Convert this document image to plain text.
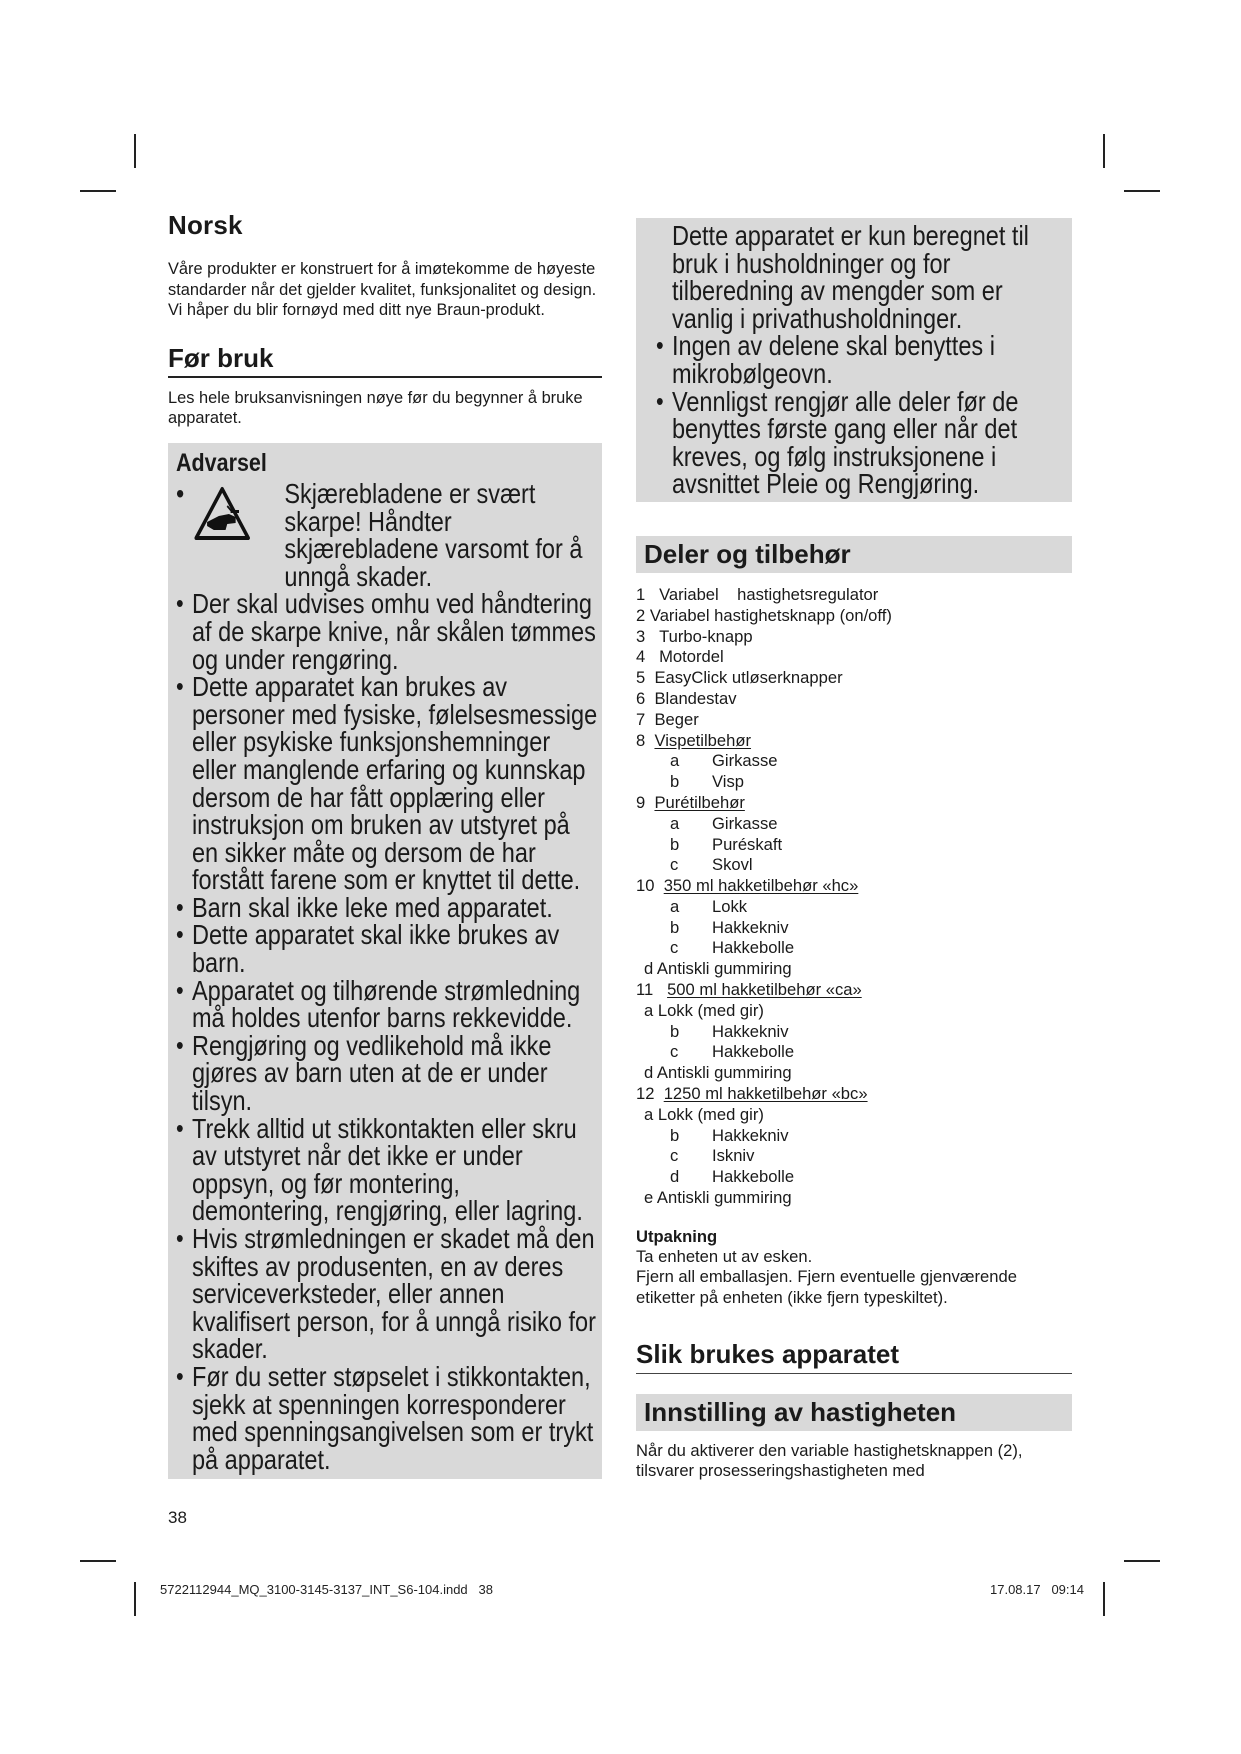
Norsk

Våre produkter er konstruert for å imøtekomme de høyeste standarder når det gjelder kvalitet, funksjonalitet og design. Vi håper du blir fornøyd med ditt nye Braun-produkt.

Før bruk

Les hele bruksanvisningen nøye før du begynner å bruke apparatet.

Advarsel
•	Skjærebladene er svært skarpe! Håndter skjærebladene varsomt for å unngå skader.
• Der skal udvises omhu ved håndtering af de skarpe knive, når skålen tømmes og under rengøring.
• Dette apparatet kan brukes av personer med fysiske, følelsesmessige eller psykiske funksjonshemninger eller manglende erfaring og kunnskap dersom de har fått opplæring eller instruksjon om bruken av utstyret på en sikker måte og dersom de har forstått farene som er knyttet til dette.
• Barn skal ikke leke med apparatet.
• Dette apparatet skal ikke brukes av barn.
• Apparatet og tilhørende strømledning må holdes utenfor barns rekkevidde.
• Rengjøring og vedlikehold må ikke gjøres av barn uten at de er under tilsyn.
• Trekk alltid ut stikkontakten eller skru av utstyret når det ikke er under oppsyn, og før montering, demontering, rengjøring, eller lagring.
• Hvis strømledningen er skadet må den skiftes av produsenten, en av deres serviceverksteder, eller annen kvalifisert person, for å unngå risiko for skader.
• Før du setter støpselet i stikkontakten, sjekk at spenningen korresponderer med spenningsangivelsen som er trykt på apparatet.
Dette apparatet er kun beregnet til bruk i husholdninger og for tilberedning av mengder som er vanlig i privathusholdninger.
• Ingen av delene skal benyttes i mikrobølgeovn.
• Vennligst rengjør alle deler før de benyttes første gang eller når det kreves, og følg instruksjonene i avsnittet Pleie og Rengjøring.
Deler og tilbehør
1 Variabel    hastighetsregulator
2 Variabel hastighetsknapp (on/off)
3 Turbo-knapp
4 Motordel
5 EasyClick utløserknapper
6 Blandestav
7 Beger
8 Vispetilbehør
a Girkasse
b Visp
9 Purétilbehør
a Girkasse
b Puréskaft
c Skovl
10 350 ml hakketilbehør «hc»
a Lokk
b Hakkekniv
c Hakkebolle
d Antiskli gummiring
11 500 ml hakketilbehør «ca»
a Lokk (med gir)
b Hakkekniv
c Hakkebolle
d Antiskli gummiring
12 1250 ml hakketilbehør «bc»
a Lokk (med gir)
b Hakkekniv
c Iskniv
d Hakkebolle
e Antiskli gummiring
Utpakning

Ta enheten ut av esken.

Fjern all emballasjen. Fjern eventuelle gjenværende etiketter på enheten (ikke fjern typeskiltet).

Slik brukes apparatet
Innstilling av hastigheten

Når du aktiverer den variable hastighetsknappen (2), tilsvarer prosesseringshastigheten med

38
5722112944_MQ_3100-3145-3137_INT_S6-104.indd   38	17.08.17   09:14
